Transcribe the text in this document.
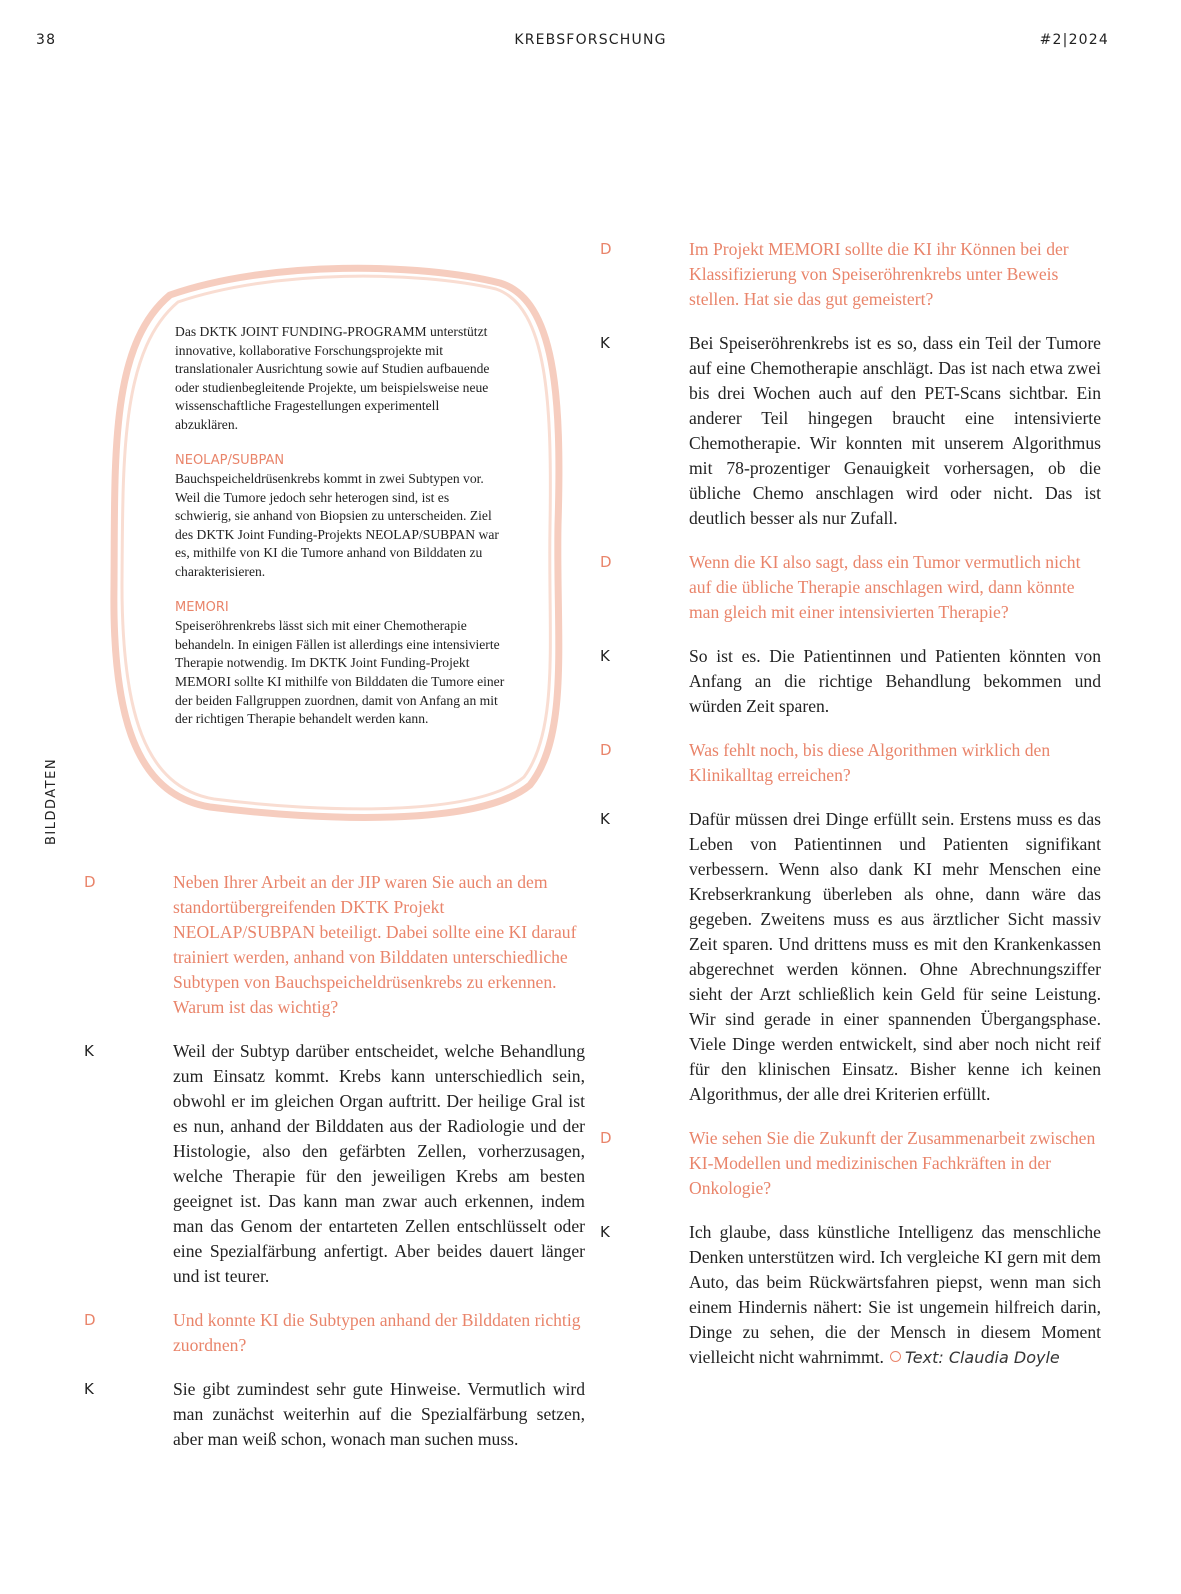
38	KREBSFORSCHUNG	#2|2024
BILDDATEN

Das DKTK JOINT FUNDING-PROGRAMM unterstützt innovative, kollaborative Forschungsprojekte mit translationaler Ausrichtung sowie auf Studien aufbauende oder studienbegleitende Projekte, um beispielsweise neue wissenschaftliche Fragestellungen experimentell abzuklären.

NEOLAP/SUBPAN
Bauchspeicheldrüsenkrebs kommt in zwei Subtypen vor. Weil die Tumore jedoch sehr heterogen sind, ist es schwierig, sie anhand von Biopsien zu unterscheiden. Ziel des DKTK Joint Funding-Projekts NEOLAP/SUBPAN war es, mithilfe von KI die Tumore anhand von Bilddaten zu charakterisieren.

MEMORI
Speiseröhrenkrebs lässt sich mit einer Chemotherapie behandeln. In einigen Fällen ist allerdings eine intensivierte Therapie notwendig. Im DKTK Joint Funding-Projekt MEMORI sollte KI mithilfe von Bilddaten die Tumore einer der beiden Fallgruppen zuordnen, damit von Anfang an mit der richtigen Therapie behandelt werden kann.

D	Neben Ihrer Arbeit an der JIP waren Sie auch an dem standortübergreifenden DKTK Projekt NEOLAP/SUBPAN beteiligt. Dabei sollte eine KI darauf trainiert werden, anhand von Bilddaten unterschiedliche Subtypen von Bauchspeicheldrüsenkrebs zu erkennen. Warum ist das wichtig?
K	Weil der Subtyp darüber entscheidet, welche Behandlung zum Einsatz kommt. Krebs kann unterschiedlich sein, obwohl er im gleichen Organ auftritt. Der heilige Gral ist es nun, anhand der Bilddaten aus der Radiologie und der Histologie, also den gefärbten Zellen, vorherzusagen, welche Therapie für den jeweiligen Krebs am besten geeignet ist. Das kann man zwar auch erkennen, indem man das Genom der entarteten Zellen entschlüsselt oder eine Spezialfärbung anfertigt. Aber beides dauert länger und ist teurer.
D	Und konnte KI die Subtypen anhand der Bilddaten richtig zuordnen?
K	Sie gibt zumindest sehr gute Hinweise. Vermutlich wird man zunächst weiterhin auf die Spezialfärbung setzen, aber man weiß schon, wonach man suchen muss.
D	Im Projekt MEMORI sollte die KI ihr Können bei der Klassifizierung von Speiseröhrenkrebs unter Beweis stellen. Hat sie das gut gemeistert?
K	Bei Speiseröhrenkrebs ist es so, dass ein Teil der Tumore auf eine Chemotherapie anschlägt. Das ist nach etwa zwei bis drei Wochen auch auf den PET-Scans sichtbar. Ein anderer Teil hingegen braucht eine intensivierte Chemotherapie. Wir konnten mit unserem Algorithmus mit 78-prozentiger Genauigkeit vorhersagen, ob die übliche Chemo anschlagen wird oder nicht. Das ist deutlich besser als nur Zufall.
D	Wenn die KI also sagt, dass ein Tumor vermutlich nicht auf die übliche Therapie anschlagen wird, dann könnte man gleich mit einer intensivierten Therapie?
K	So ist es. Die Patientinnen und Patienten könnten von Anfang an die richtige Behandlung bekommen und würden Zeit sparen.
D	Was fehlt noch, bis diese Algorithmen wirklich den Klinikalltag erreichen?
K	Dafür müssen drei Dinge erfüllt sein. Erstens muss es das Leben von Patientinnen und Patienten signifikant verbessern. Wenn also dank KI mehr Menschen eine Krebserkrankung überleben als ohne, dann wäre das gegeben. Zweitens muss es aus ärztlicher Sicht massiv Zeit sparen. Und drittens muss es mit den Krankenkassen abgerechnet werden können. Ohne Abrechnungsziffer sieht der Arzt schließlich kein Geld für seine Leistung. Wir sind gerade in einer spannenden Übergangsphase. Viele Dinge werden entwickelt, sind aber noch nicht reif für den klinischen Einsatz. Bisher kenne ich keinen Algorithmus, der alle drei Kriterien erfüllt.
D	Wie sehen Sie die Zukunft der Zusammenarbeit zwischen KI-Modellen und medizinischen Fachkräften in der Onkologie?
K	Ich glaube, dass künstliche Intelligenz das menschliche Denken unterstützen wird. Ich vergleiche KI gern mit dem Auto, das beim Rückwärtsfahren piepst, wenn man sich einem Hindernis nähert: Sie ist ungemein hilfreich darin, Dinge zu sehen, die der Mensch in diesem Moment vielleicht nicht wahrnimmt. Text: Claudia Doyle
